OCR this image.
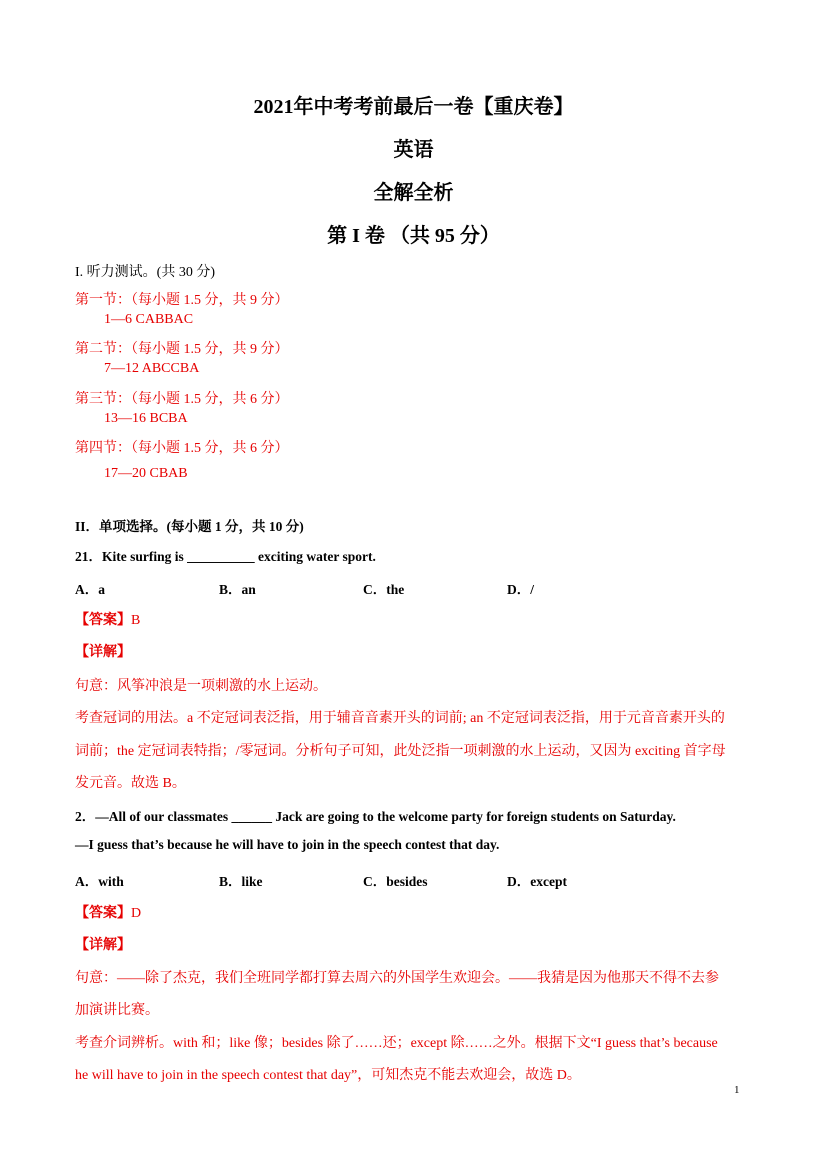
2021年中考考前最后一卷【重庆卷】
英语
全解全析
第 I 卷 （共 95 分）
I. 听力测试。(共 30 分)
第一节：（每小题 1.5 分，共 9 分）
1—6 CABBAC
第二节：（每小题 1.5 分，共 9 分）
7—12 ABCCBA
第三节：（每小题 1.5 分，共 6 分）
13—16 BCBA
第四节：（每小题 1.5 分，共 6 分）
17—20 CBAB
II．单项选择。(每小题 1 分，共 10 分)
21．Kite surfing is __________ exciting water sport.
A．a	B．an	C．the	D．/
【答案】B
【详解】
句意：风筝冲浪是一项刺激的水上运动。
考查冠词的用法。a 不定冠词表泛指，用于辅音音素开头的词前; an 不定冠词表泛指，用于元音音素开头的
词前；the 定冠词表特指；/零冠词。分析句子可知，此处泛指一项刺激的水上运动，又因为 exciting 首字母
发元音。故选 B。
2．—All of our classmates ______ Jack are going to the welcome party for foreign students on Saturday.
—I guess that’s because he will have to join in the speech contest that day.
A．with	B．like	C．besides	D．except
【答案】D
【详解】
句意：——除了杰克，我们全班同学都打算去周六的外国学生欢迎会。——我猜是因为他那天不得不去参
加演讲比赛。
考查介词辨析。with 和；like 像；besides 除了……还；except 除……之外。根据下文“I guess that’s because
he will have to join in the speech contest that day”，可知杰克不能去欢迎会，故选 D。
1
